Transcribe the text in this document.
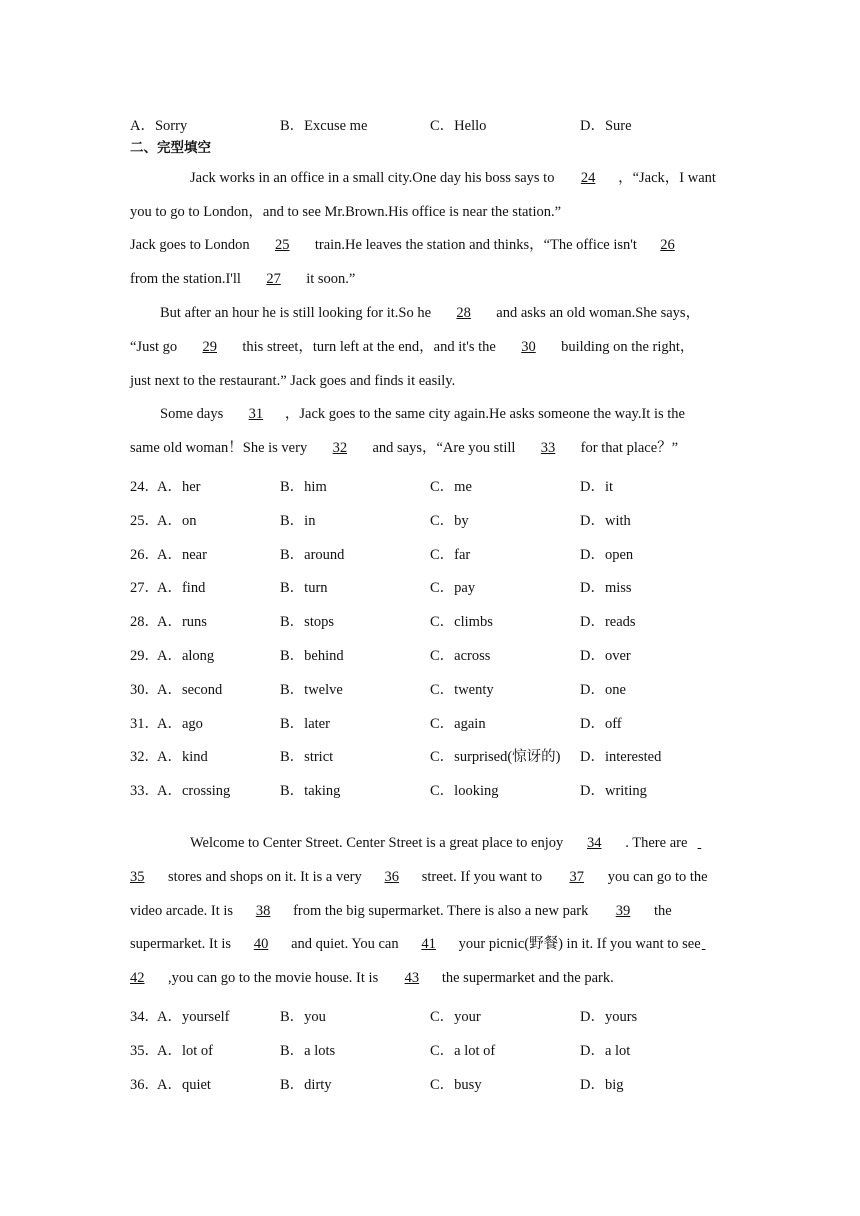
A．Sorry	B．Excuse me	C．Hello	D．Sure
二、完型填空
Jack works in an office in a small city.One day his boss says to 24 ，“Jack，I want
you to go to London，and to see Mr.Brown.His office is near the station.”
Jack goes to London 25 train.He leaves the station and thinks，“The office isn't 26
from the station.I'll 27 it soon.”
But after an hour he is still looking for it.So he 28 and asks an old woman.She says，
“Just go 29 this street，turn left at the end，and it's the 30 building on the right，
just next to the restaurant.” Jack goes and finds it easily.
Some days 31 ，Jack goes to the same city again.He asks someone the way.It is the
same old woman！She is very 32 and says，“Are you still 33 for that place？”
24．
A．her	B．him	C．me	D．it
25．
A．on	B．in	C．by	D．with
26．
A．near	B．around	C．far	D．open
27．
A．find	B．turn	C．pay	D．miss
28．
A．runs	B．stops	C．climbs	D．reads
29．
A．along	B．behind	C．across	D．over
30．
A．second	B．twelve	C．twenty	D．one
31．
A．ago	B．later	C．again	D．off
32．
A．kind	B．strict	C．surprised(惊讶的) D．interested
33．
A．crossing	B．taking	C．looking	D．writing
Welcome to Center Street. Center Street is a great place to enjoy 34 . There are
35 stores and shops on it. It is a very 36 street. If you want to 37 you can go to the
video arcade. It is 38 from the big supermarket. There is also a new park 39 the
supermarket. It is 40 and quiet. You can 41 your picnic(野餐) in it. If you want to see
42 ,you can go to the movie house. It is 43 the supermarket and the park.
34．
A．yourself	B．you	C．your	D．yours
35．
A．lot of	B．a lots	C．a lot of	D．a lot
36．
A．quiet	B．dirty	C．busy	D．big
